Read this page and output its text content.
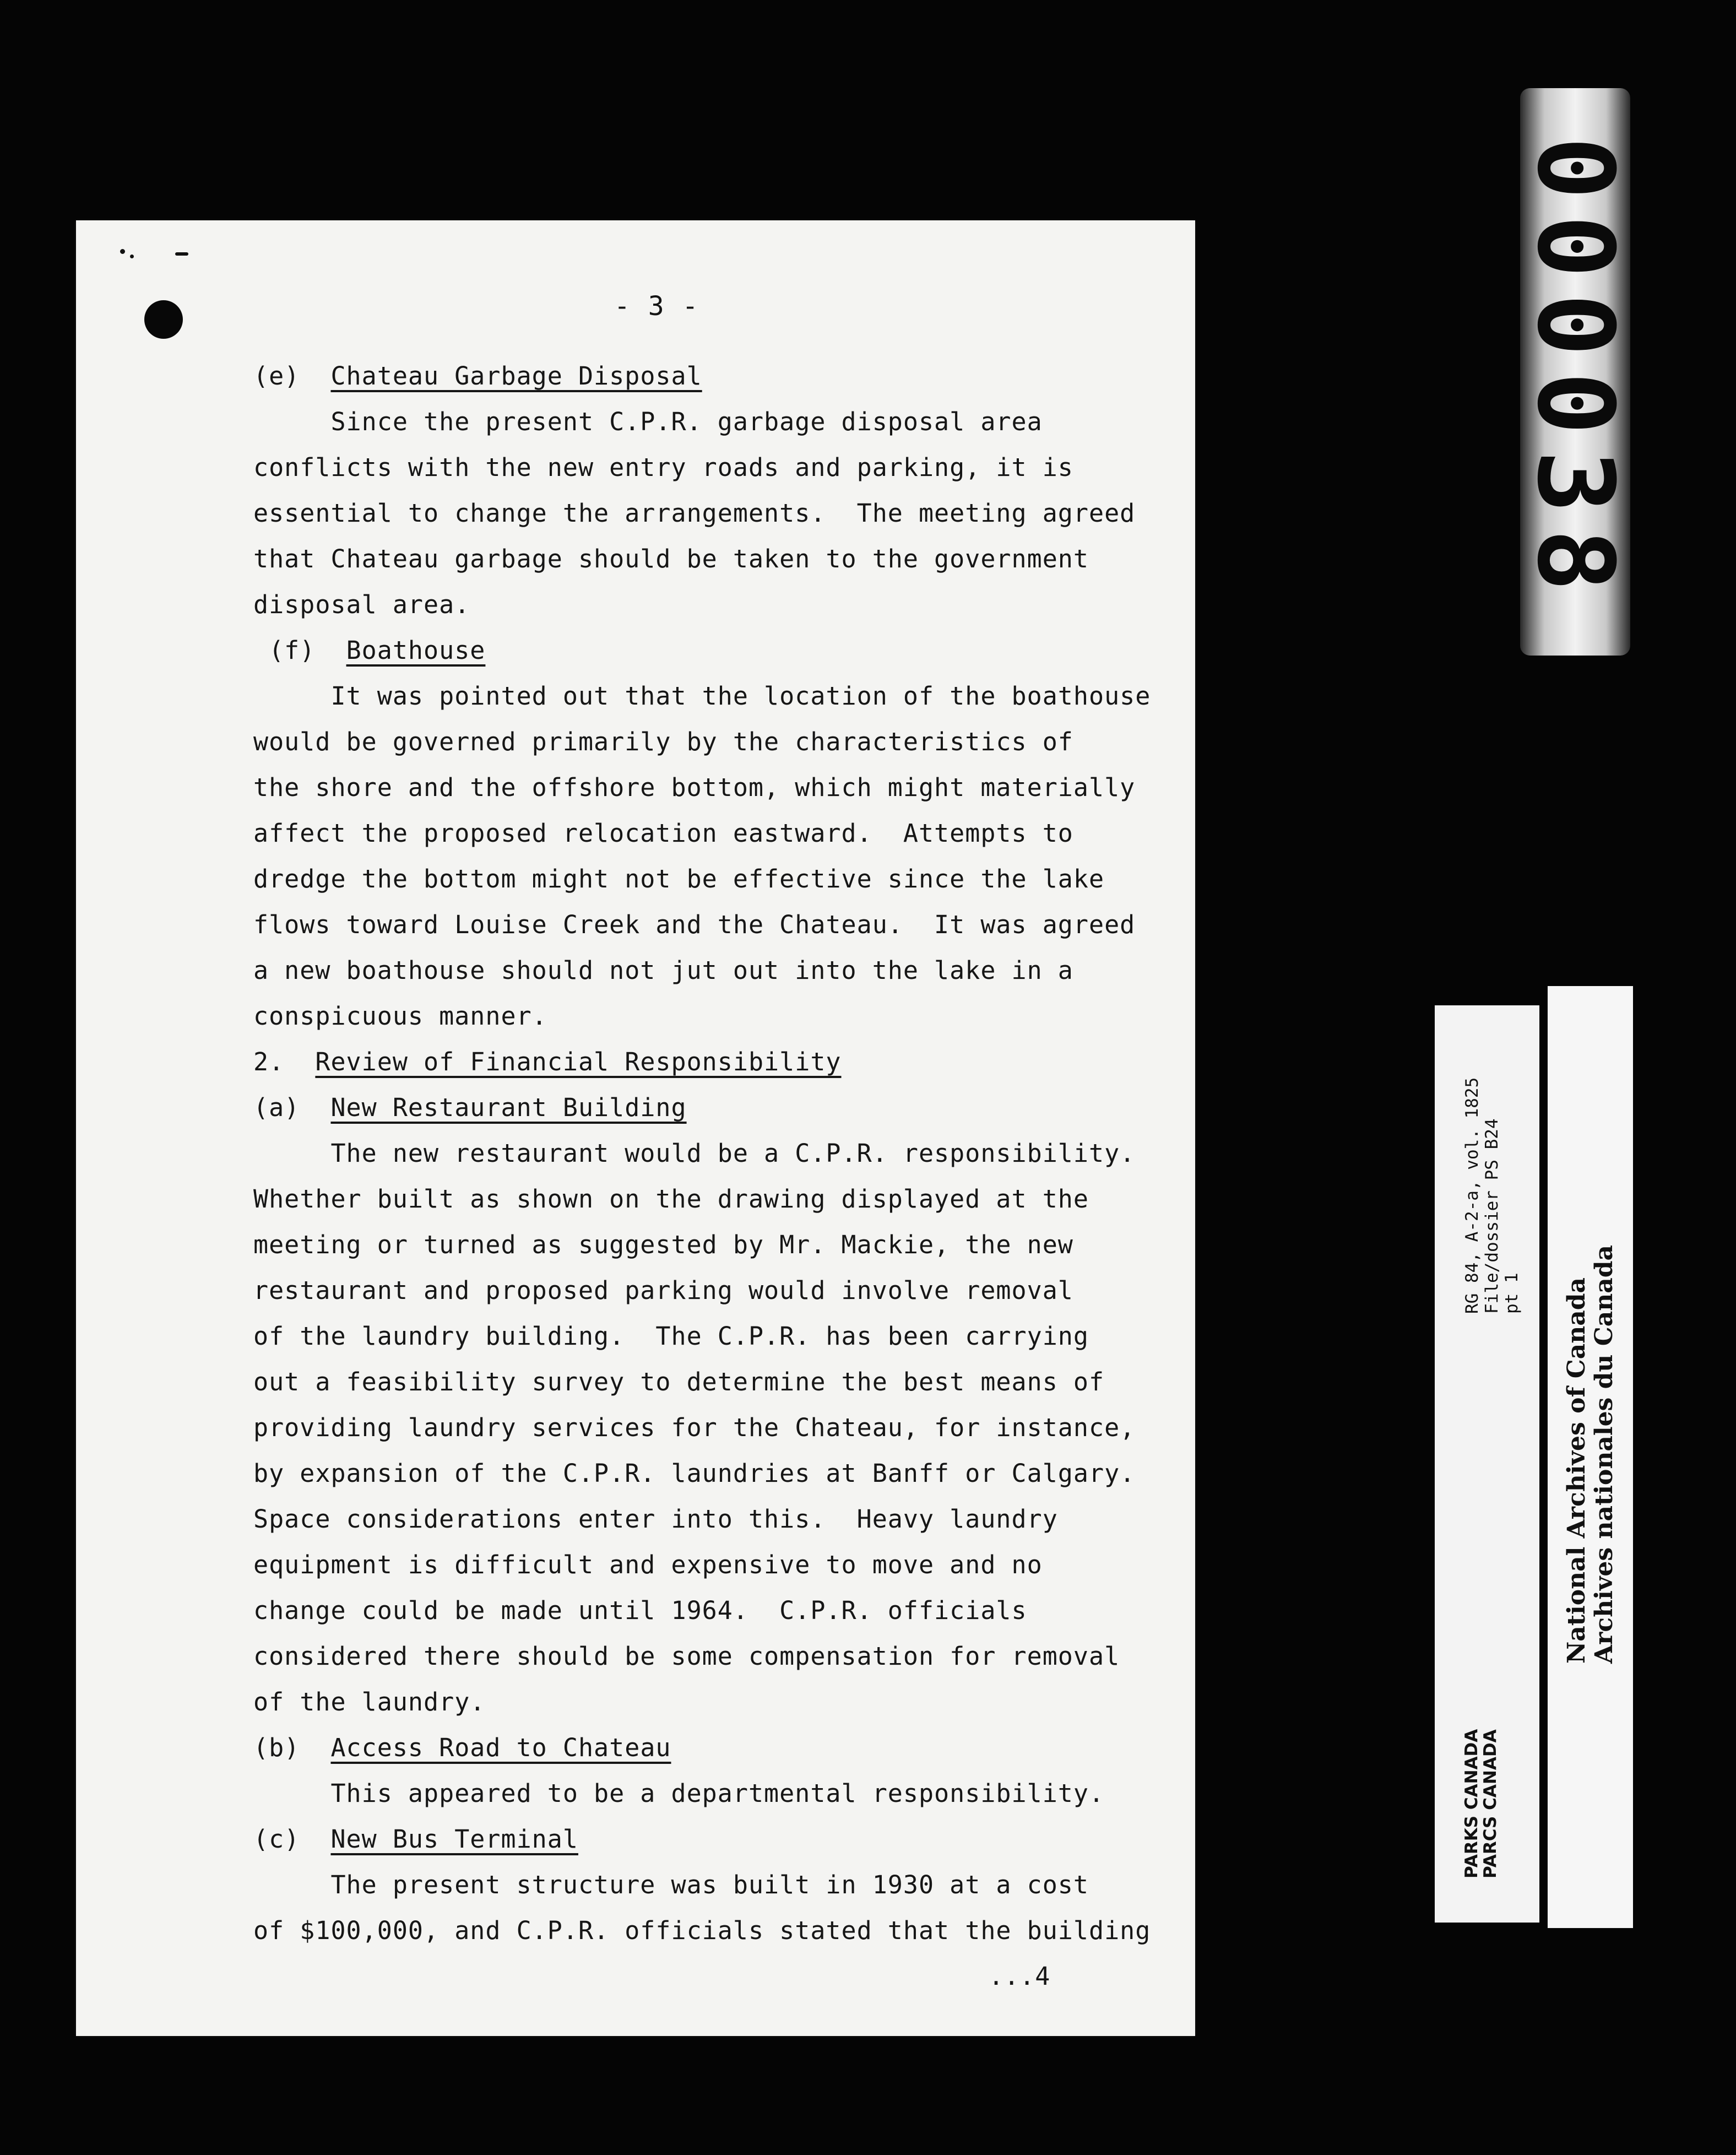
- 3 -
(e)  Chateau Garbage Disposal
Since the present C.P.R. garbage disposal area
conflicts with the new entry roads and parking, it is
essential to change the arrangements.  The meeting agreed
that Chateau garbage should be taken to the government
disposal area.
(f)  Boathouse
It was pointed out that the location of the boathouse
would be governed primarily by the characteristics of
the shore and the offshore bottom, which might materially
affect the proposed relocation eastward.  Attempts to
dredge the bottom might not be effective since the lake
flows toward Louise Creek and the Chateau.  It was agreed
a new boathouse should not jut out into the lake in a
conspicuous manner.
2.  Review of Financial Responsibility
(a)  New Restaurant Building
The new restaurant would be a C.P.R. responsibility.
Whether built as shown on the drawing displayed at the
meeting or turned as suggested by Mr. Mackie, the new
restaurant and proposed parking would involve removal
of the laundry building.  The C.P.R. has been carrying
out a feasibility survey to determine the best means of
providing laundry services for the Chateau, for instance,
by expansion of the C.P.R. laundries at Banff or Calgary.
Space considerations enter into this.  Heavy laundry
equipment is difficult and expensive to move and no
change could be made until 1964.  C.P.R. officials
considered there should be some compensation for removal
of the laundry.
(b)  Access Road to Chateau
This appeared to be a departmental responsibility.
(c)  New Bus Terminal
The present structure was built in 1930 at a cost
of $100,000, and C.P.R. officials stated that the building
...4
000038
RG 84, A-2-a, vol. 1825
File/dossier PS B24
pt 1
PARKS CANADA
PARCS CANADA
National Archives of Canada
Archives nationales du Canada
